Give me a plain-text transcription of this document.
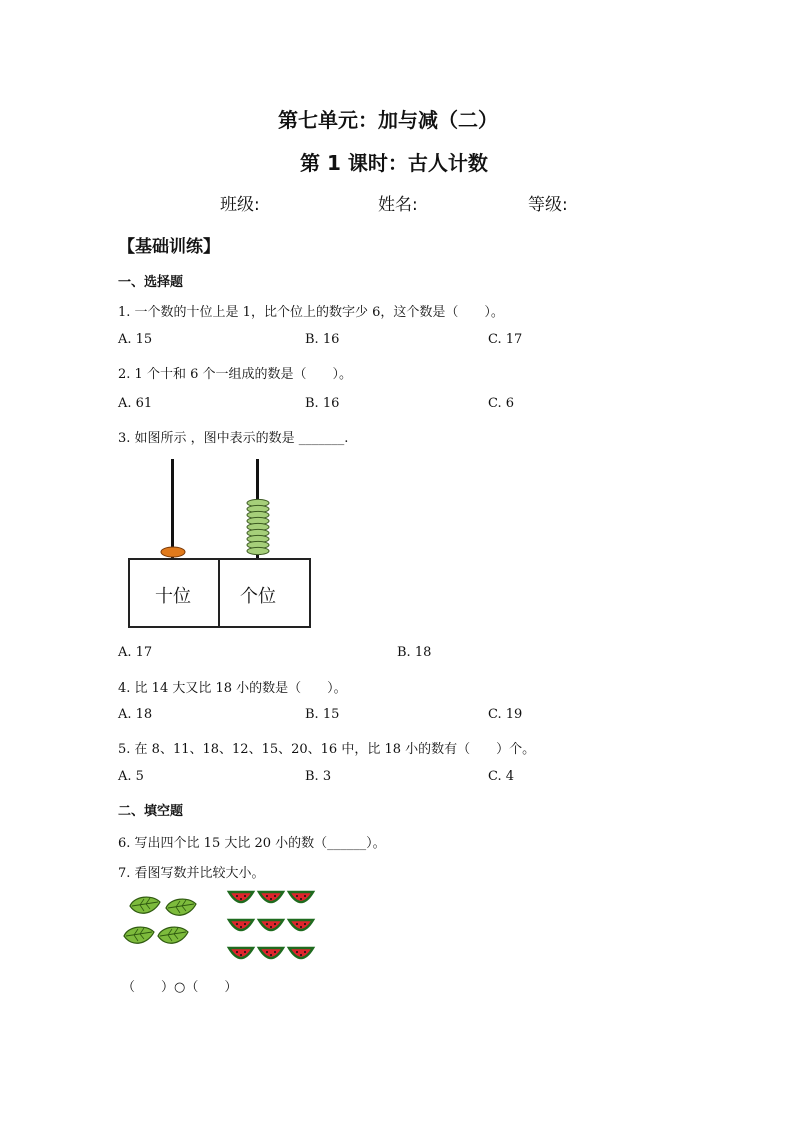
第七单元：加与减（二）
第 1 课时：古人计数
班级:	姓名:	等级:
【基础训练】
一、选择题
1. 一个数的十位上是 1，比个位上的数字少 6，这个数是（　　）。
A. 15	B. 16	C. 17
2. 1 个十和 6 个一组成的数是（　　）。
A. 61	B. 16	C. 6
3. 如图所示 ，图中表示的数是 _______.
十位	个位
A. 17	B. 18
4. 比 14 大又比 18 小的数是（　　）。
A. 18	B. 15	C. 19
5. 在 8、11、18、12、15、20、16 中，比 18 小的数有（　　）个。
A. 5	B. 3	C. 4
二、填空题
6. 写出四个比 15 大比 20 小的数（______）。
7. 看图写数并比较大小。
（　　）○（　　）
